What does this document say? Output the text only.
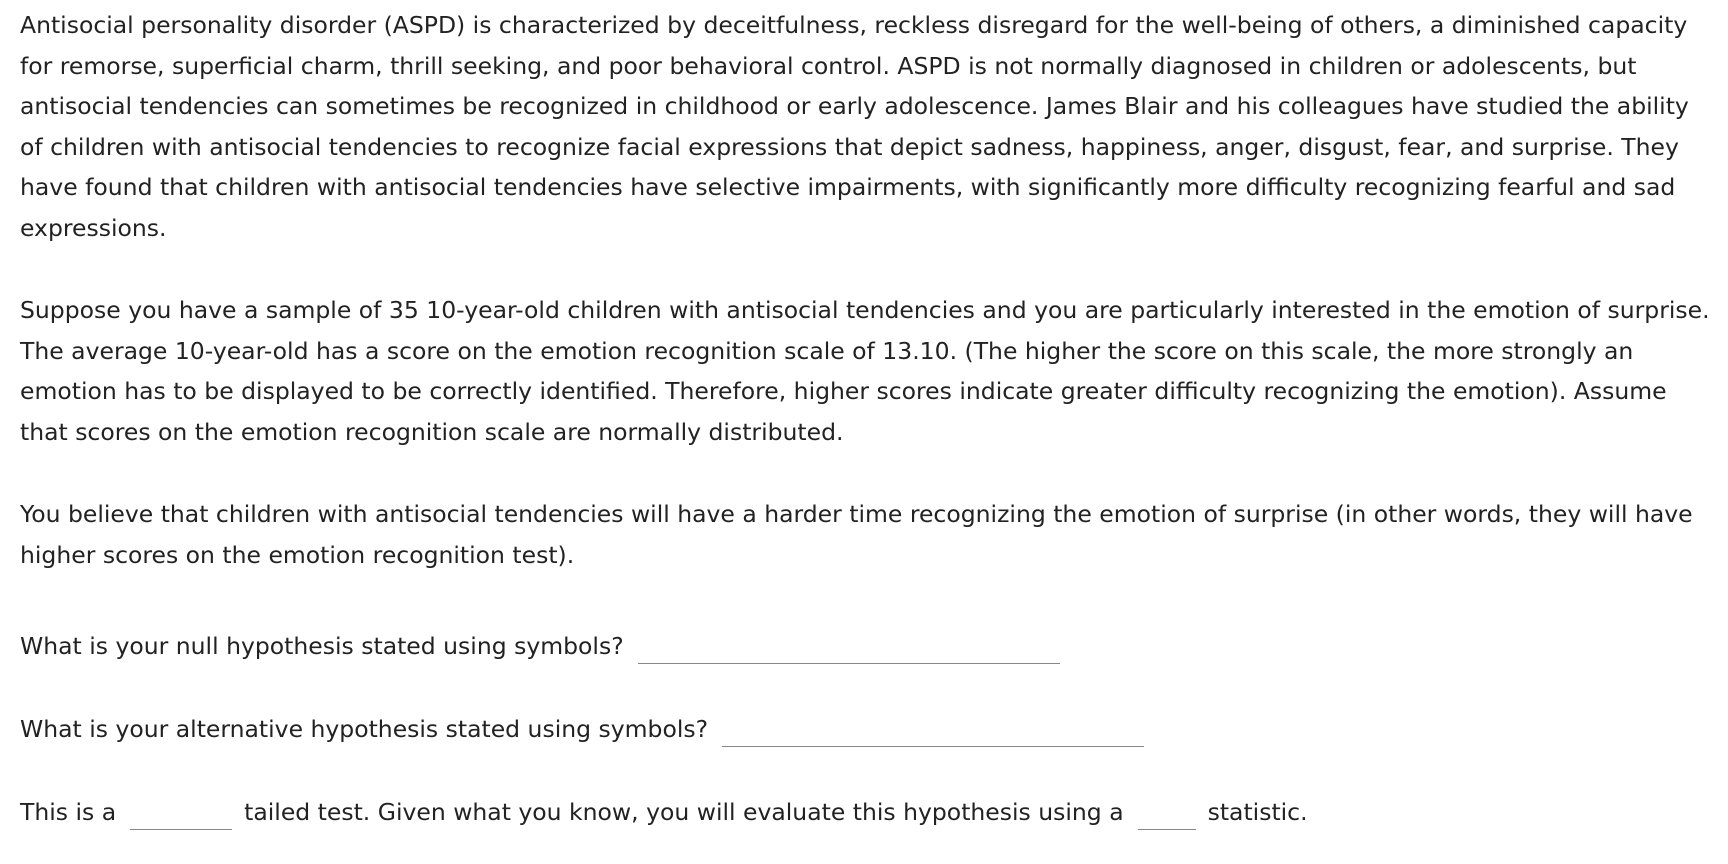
Antisocial personality disorder (ASPD) is characterized by deceitfulness, reckless disregard for the well-being of others, a diminished capacity for remorse, superficial charm, thrill seeking, and poor behavioral control. ASPD is not normally diagnosed in children or adolescents, but antisocial tendencies can sometimes be recognized in childhood or early adolescence. James Blair and his colleagues have studied the ability of children with antisocial tendencies to recognize facial expressions that depict sadness, happiness, anger, disgust, fear, and surprise. They have found that children with antisocial tendencies have selective impairments, with significantly more difficulty recognizing fearful and sad expressions.

Suppose you have a sample of 35 10-year-old children with antisocial tendencies and you are particularly interested in the emotion of surprise. The average 10-year-old has a score on the emotion recognition scale of 13.10. (The higher the score on this scale, the more strongly an emotion has to be displayed to be correctly identified. Therefore, higher scores indicate greater difficulty recognizing the emotion). Assume that scores on the emotion recognition scale are normally distributed.

You believe that children with antisocial tendencies will have a harder time recognizing the emotion of surprise (in other words, they will have higher scores on the emotion recognition test).

What is your null hypothesis stated using symbols?
What is your alternative hypothesis stated using symbols?
This is a	tailed test. Given what you know, you will evaluate this hypothesis using a	statistic.
